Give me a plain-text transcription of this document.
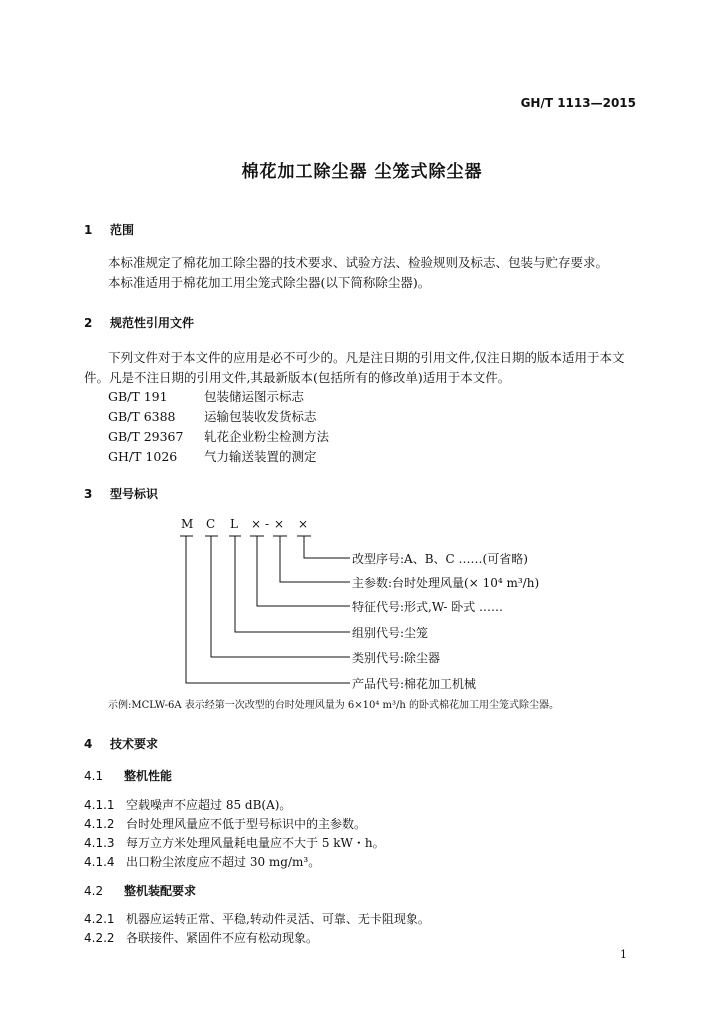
GH/T 1113—2015
棉花加工除尘器 尘笼式除尘器
1 范围
本标准规定了棉花加工除尘器的技术要求、试验方法、检验规则及标志、包装与贮存要求。
本标准适用于棉花加工用尘笼式除尘器(以下简称除尘器)。
2 规范性引用文件
下列文件对于本文件的应用是必不可少的。凡是注日期的引用文件,仅注日期的版本适用于本文
件。凡是不注日期的引用文件,其最新版本(包括所有的修改单)适用于本文件。
GB/T 191	包装储运图示标志
GB/T 6388 运输包装收发货标志
GB/T 29367 轧花企业粉尘检测方法
GH/T 1026 气力输送装置的测定
3 型号标识
M C L × - × ×
改型序号:A、B、C ……(可省略)
主参数:台时处理风量(× 10⁴ m³/h)
特征代号:形式,W- 卧式 ……
组别代号:尘笼
类别代号:除尘器
产品代号:棉花加工机械
示例:MCLW-6A 表示经第一次改型的台时处理风量为 6×10⁴ m³/h 的卧式棉花加工用尘笼式除尘器。
4 技术要求
4.1 整机性能
4.1.1 空载噪声不应超过 85 dB(A)。
4.1.2 台时处理风量应不低于型号标识中的主参数。
4.1.3 每万立方米处理风量耗电量应不大于 5 kW・h。
4.1.4 出口粉尘浓度应不超过 30 mg/m³。
4.2 整机装配要求
4.2.1 机器应运转正常、平稳,转动件灵活、可靠、无卡阻现象。
4.2.2 各联接件、紧固件不应有松动现象。
1
